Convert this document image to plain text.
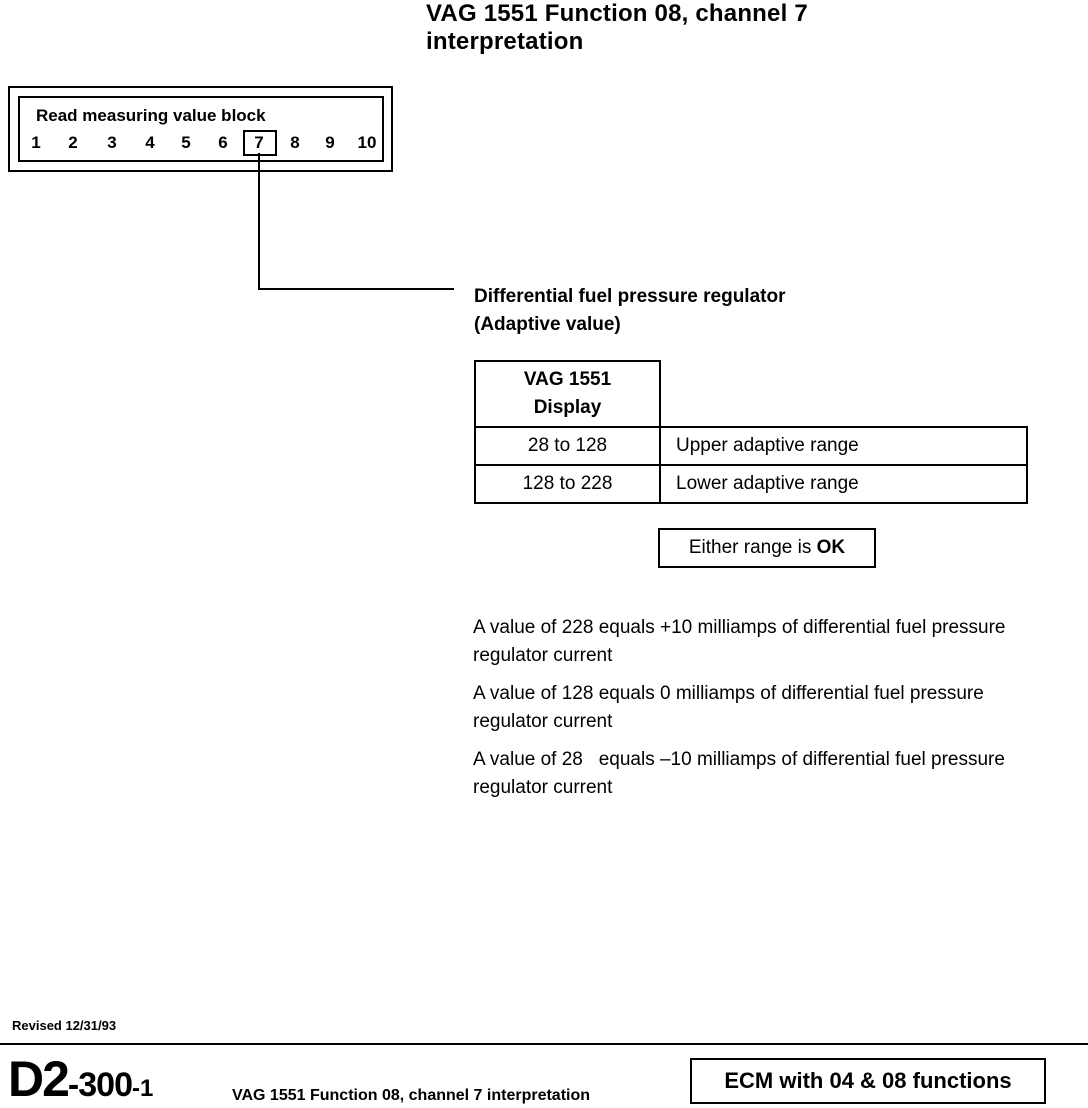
VAG 1551 Function 08, channel 7
interpretation
Read measuring value block
1	2	3	4	5	6	7	8	9	10
Differential fuel pressure regulator
(Adaptive value)
VAG 1551
Display	

28 to 128	Upper adaptive range
128 to 228	Lower adaptive range
Either range is OK
A value of 228 equals +10 milliamps of differential fuel pressure regulator current
A value of 128 equals 0 milliamps of differential fuel pressure regulator current
A value of 28   equals –10 milliamps of differential fuel pressure regulator current
Revised 12/31/93
D2-300-1	VAG 1551 Function 08, channel 7 interpretation
ECM with 04 & 08 functions
